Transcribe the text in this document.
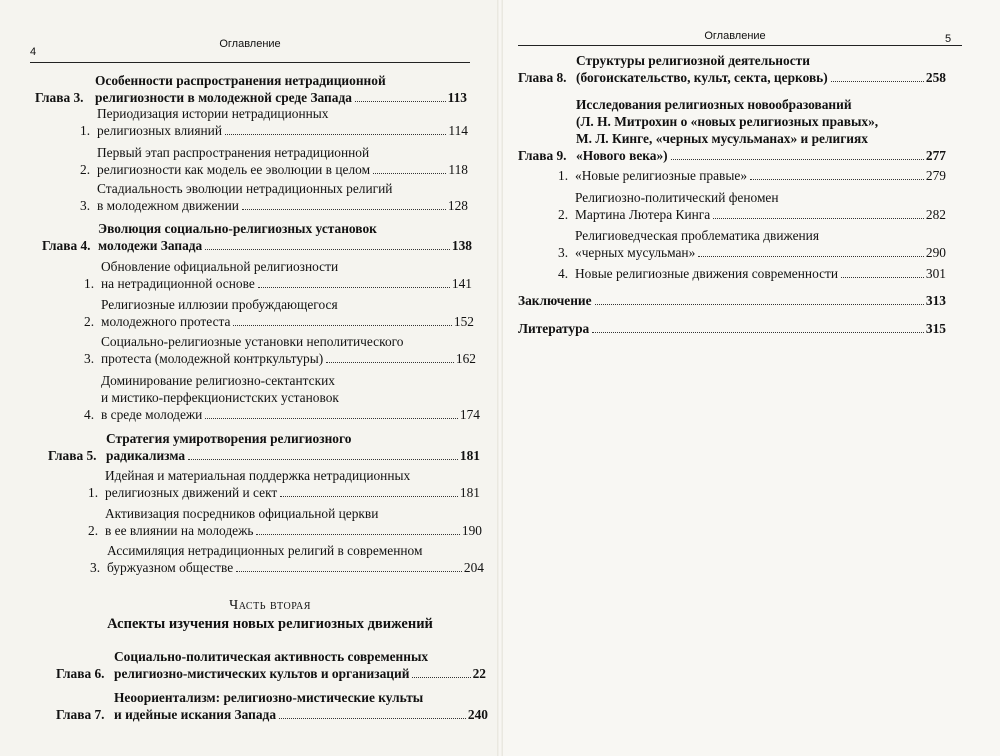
4
Оглавление
Глава 3.
Особенности распространения нетрадиционной
религиозности в молодежной среде Запада	113
1.
Периодизация истории нетрадиционных
религиозных влияний	114
2.
Первый этап распространения нетрадиционной
религиозности как модель ее эволюции в целом	118
3.
Стадиальность эволюции нетрадиционных религий
в молодежном движении	128
Глава 4.
Эволюция социально-религиозных установок
молодежи Запада	138
1.
Обновление официальной религиозности
на нетрадиционной основе	141
2.
Религиозные иллюзии пробуждающегося
молодежного протеста	152
3.
Социально-религиозные установки неполитического
протеста (молодежной контркультуры)	162
4.
Доминирование религиозно-сектантских
и мистико-перфекционистских установок
в среде молодежи	174
Глава 5.
Стратегия умиротворения религиозного
радикализма	181
1.
Идейная и материальная поддержка нетрадиционных
религиозных движений и сект	181
2.
Активизация посредников официальной церкви
в ее влиянии на молодежь	190
3.
Ассимиляция нетрадиционных религий в современном
буржуазном обществе	204
Часть вторая
Аспекты изучения новых религиозных движений
Глава 6.
Социально-политическая активность современных
религиозно-мистических культов и организаций	22
Глава 7.
Неоориентализм: религиозно-мистические культы
и идейные искания Запада	240
Оглавление	5
Глава 8.
Структуры религиозной деятельности
(богоискательство, культ, секта, церковь)	258
Глава 9.
Исследования религиозных новообразований
(Л. Н. Митрохин о «новых религиозных правых»,
М. Л. Кинге, «черных мусульманах» и религиях
«Нового века»)	277
1. «Новые религиозные правые»	279
2.
Религиозно-политический феномен
Мартина Лютера Кинга	282
3.
Религиоведческая проблематика движения
«черных мусульман»	290
4. Новые религиозные движения современности	301
Заключение	313
Литература	315
